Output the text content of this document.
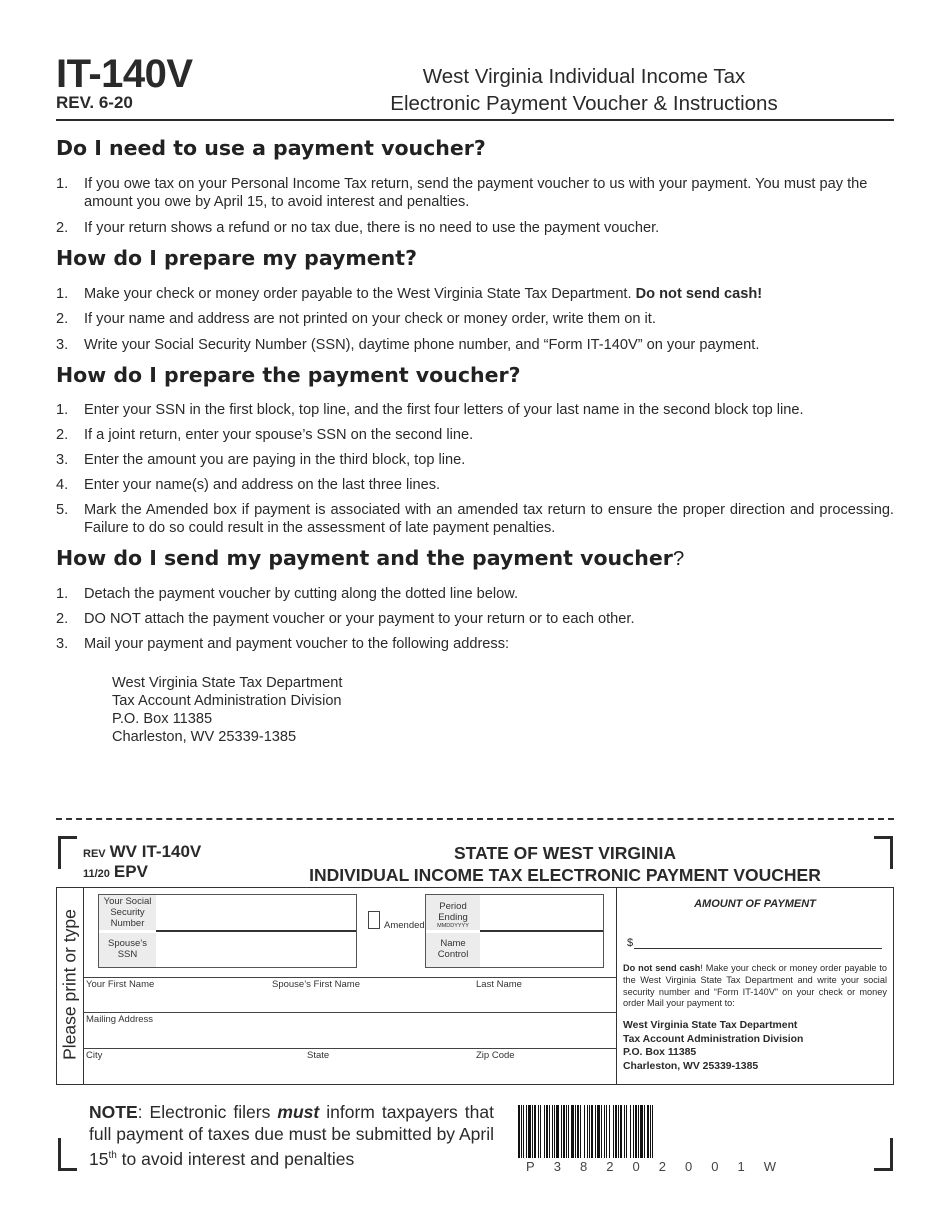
IT-140V
REV. 6-20
West Virginia Individual Income Tax
Electronic Payment Voucher & Instructions
Do I need to use a payment voucher?
1. If you owe tax on your Personal Income Tax return, send the payment voucher to us with your payment. You must pay the amount you owe by April 15, to avoid interest and penalties.
2. If your return shows a refund or no tax due, there is no need to use the payment voucher.
How do I prepare my payment?
1. Make your check or money order payable to the West Virginia State Tax Department. Do not send cash!
2. If your name and address are not printed on your check or money order, write them on it.
3. Write your Social Security Number (SSN), daytime phone number, and “Form IT-140V” on your payment.
How do I prepare the payment voucher?
1. Enter your SSN in the first block, top line, and the first four letters of your last name in the second block top line.
2. If a joint return, enter your spouse’s SSN on the second line.
3. Enter the amount you are paying in the third block, top line.
4. Enter your name(s) and address on the last three lines.
5. Mark the Amended box if payment is associated with an amended tax return to ensure the proper direction and processing. Failure to do so could result in the assessment of late payment penalties.
How do I send my payment and the payment voucher?
1. Detach the payment voucher by cutting along the dotted line below.
2. DO NOT attach the payment voucher or your payment to your return or to each other.
3. Mail your payment and payment voucher to the following address:
West Virginia State Tax Department
Tax Account Administration Division
P.O. Box 11385
Charleston, WV 25339-1385
REV WV IT-140V
11/20 EPV
STATE OF WEST VIRGINIA
INDIVIDUAL INCOME TAX ELECTRONIC PAYMENT VOUCHER
Please print or type
Your Social
Security
Number
Spouse’s
SSN
Amended
Period
Ending
MMDDYYYY
Name
Control
Your First Name	Spouse’s First Name	Last Name
Mailing Address
City	State	Zip Code
AMOUNT OF PAYMENT
$
Do not send cash! Make your check or money order payable to the West Virginia State Tax Department and write your social security number and “Form IT-140V” on your check or money order Mail your payment to:
West Virginia State Tax Department
Tax Account Administration Division
P.O. Box 11385
Charleston, WV 25339-1385
NOTE: Electronic filers must inform taxpayers that full payment of taxes due must be submitted by April 15th to avoid interest and penalties	P 3 8 2 0 2 0 0 1 W
